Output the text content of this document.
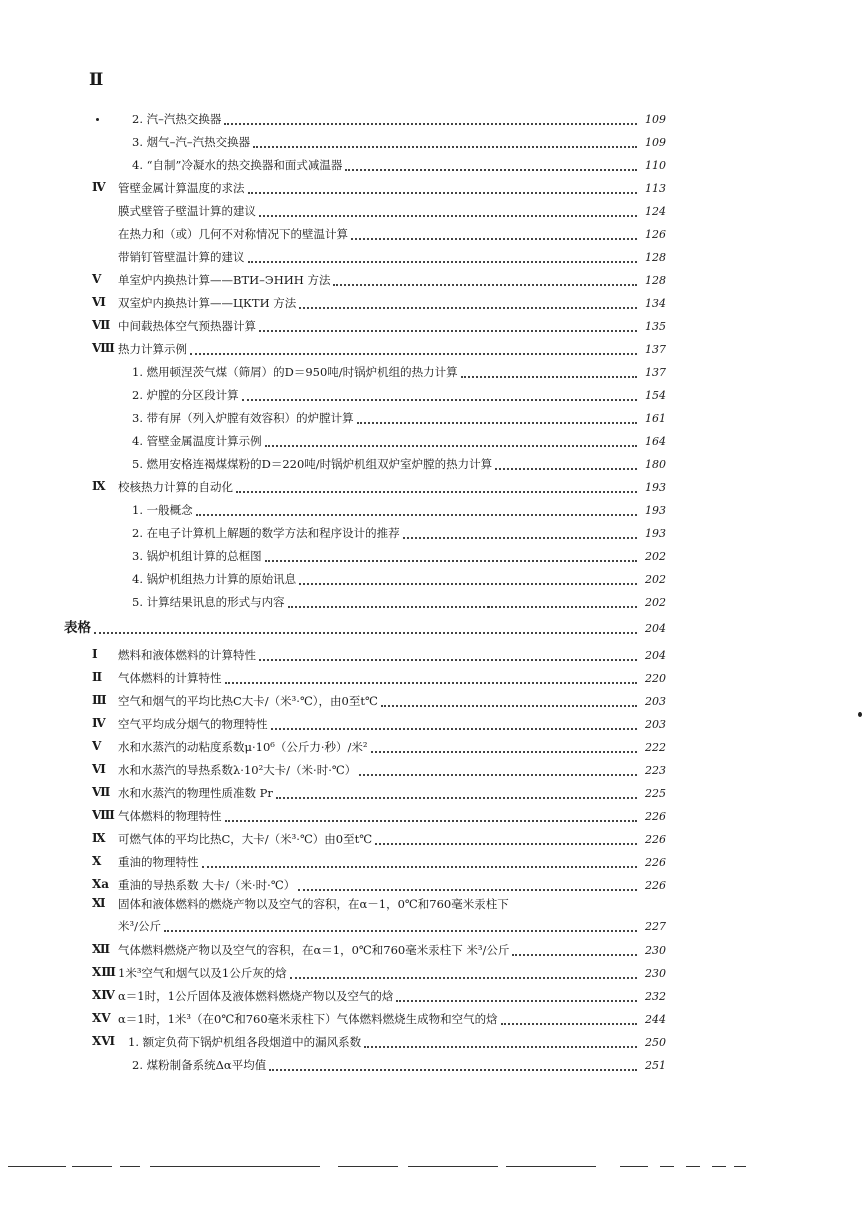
Ⅱ
2. 汽–汽热交换器	109
3. 烟气–汽–汽热交换器	109
4. “自制”冷凝水的热交换器和面式减温器	110
Ⅳ 管壁金属计算温度的求法	113
膜式壁管子壁温计算的建议	124
在热力和（或）几何不对称情况下的壁温计算	126
带销钉管壁温计算的建议	128
Ⅴ 单室炉内换热计算——ВТИ–ЭНИН 方法	128
Ⅵ 双室炉内换热计算——ЦКТИ 方法	134
Ⅶ 中间载热体空气预热器计算	135
Ⅷ 热力计算示例	137
1. 燃用顿涅茨气煤（筛屑）的D＝950吨/时锅炉机组的热力计算	137
2. 炉膛的分区段计算	154
3. 带有屏（列入炉膛有效容积）的炉膛计算	161
4. 管壁金属温度计算示例	164
5. 燃用安格连褐煤煤粉的D＝220吨/时锅炉机组双炉室炉膛的热力计算	180
Ⅸ 校核热力计算的自动化	193
1. 一般概念	193
2. 在电子计算机上解题的数学方法和程序设计的推荐	193
3. 锅炉机组计算的总框图	202
4. 锅炉机组热力计算的原始讯息	202
5. 计算结果讯息的形式与内容	202
表格	204
Ⅰ 燃料和液体燃料的计算特性	204
Ⅱ 气体燃料的计算特性	220
Ⅲ 空气和烟气的平均比热C大卡/（米³·℃），由0至t℃	203
Ⅳ 空气平均成分烟气的物理特性	203
Ⅴ 水和水蒸汽的动粘度系数μ·10⁶（公斤力·秒）/米²	222
Ⅵ 水和水蒸汽的导热系数λ·10²大卡/（米·时·℃）	223
Ⅶ 水和水蒸汽的物理性质准数 Pr	225
Ⅷ 气体燃料的物理特性	226
Ⅸ 可燃气体的平均比热C，大卡/（米³·℃）由0至t℃	226
Ⅹ 重油的物理特性	226
Ⅹa 重油的导热系数 大卡/（米·时·℃）	226
Ⅺ 固体和液体燃料的燃烧产物以及空气的容积，在α－1，0℃和760毫米汞柱下
米³/公斤	227
Ⅻ 气体燃料燃烧产物以及空气的容积，在α＝1，0℃和760毫米汞柱下 米³/公斤	230
XⅢ 1米³空气和烟气以及1公斤灰的焓	230
XⅣ α＝1时，1公斤固体及液体燃料燃烧产物以及空气的焓	232
XⅤ α＝1时，1米³（在0℃和760毫米汞柱下）气体燃料燃烧生成物和空气的焓	244
XⅥ 1. 额定负荷下锅炉机组各段烟道中的漏风系数	250
2. 煤粉制备系统Δα平均值	251
